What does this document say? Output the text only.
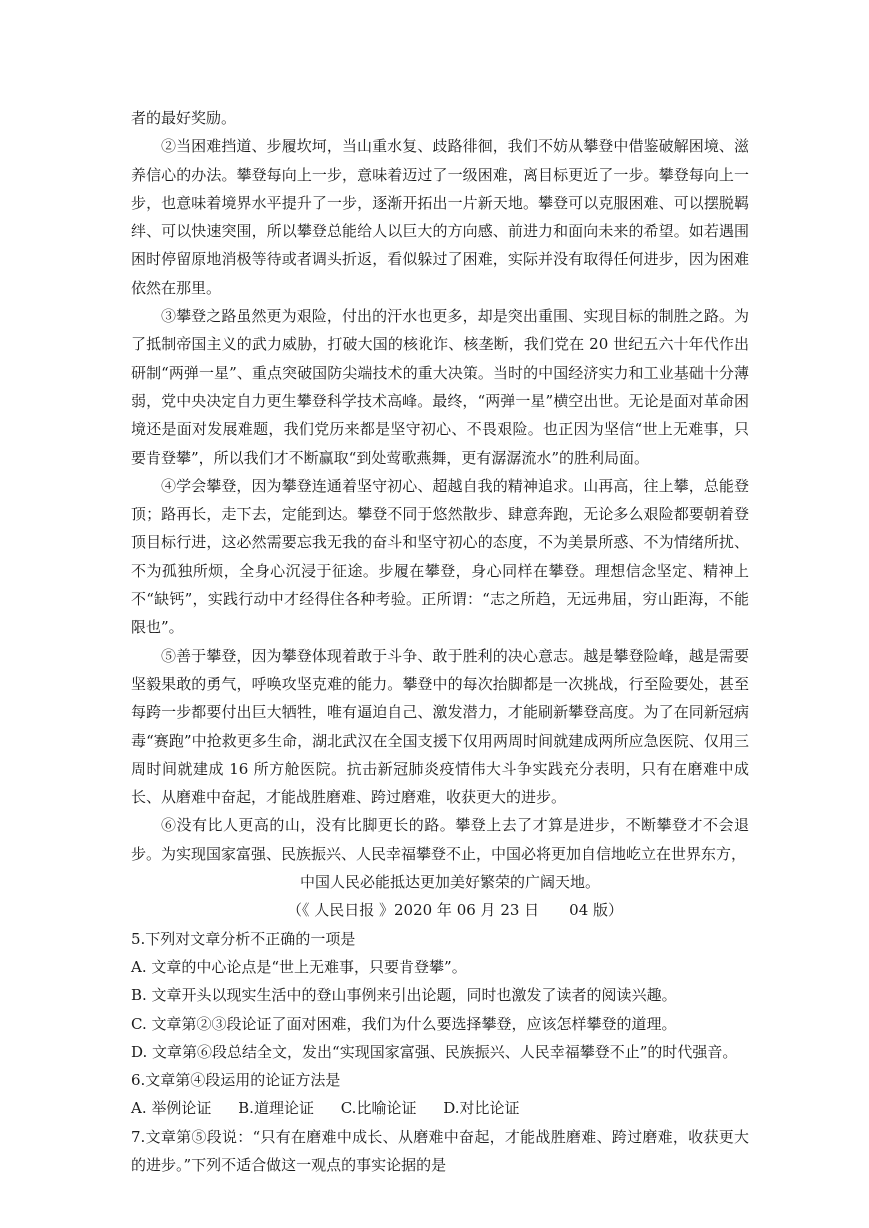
者的最好奖励。

②当困难挡道、步履坎坷，当山重水复、歧路徘徊，我们不妨从攀登中借鉴破解困境、滋养信心的办法。攀登每向上一步，意味着迈过了一级困难，离目标更近了一步。攀登每向上一步，也意味着境界水平提升了一步，逐渐开拓出一片新天地。攀登可以克服困难、可以摆脱羁绊、可以快速突围，所以攀登总能给人以巨大的方向感、前进力和面向未来的希望。如若遇围困时停留原地消极等待或者调头折返，看似躲过了困难，实际并没有取得任何进步，因为困难依然在那里。

③攀登之路虽然更为艰险，付出的汗水也更多，却是突出重围、实现目标的制胜之路。为了抵制帝国主义的武力威胁，打破大国的核讹诈、核垄断，我们党在 20 世纪五六十年代作出研制“两弹一星”、重点突破国防尖端技术的重大决策。当时的中国经济实力和工业基础十分薄弱，党中央决定自力更生攀登科学技术高峰。最终，“两弹一星”横空出世。无论是面对革命困境还是面对发展难题，我们党历来都是坚守初心、不畏艰险。也正因为坚信“世上无难事，只要肯登攀”，所以我们才不断赢取“到处莺歌燕舞，更有潺潺流水”的胜利局面。

④学会攀登，因为攀登连通着坚守初心、超越自我的精神追求。山再高，往上攀，总能登顶；路再长，走下去，定能到达。攀登不同于悠然散步、肆意奔跑，无论多么艰险都要朝着登顶目标行进，这必然需要忘我无我的奋斗和坚守初心的态度，不为美景所惑、不为情绪所扰、不为孤独所烦，全身心沉浸于征途。步履在攀登，身心同样在攀登。理想信念坚定、精神上不“缺钙”，实践行动中才经得住各种考验。正所谓：“志之所趋，无远弗届，穷山距海，不能限也”。

⑤善于攀登，因为攀登体现着敢于斗争、敢于胜利的决心意志。越是攀登险峰，越是需要坚毅果敢的勇气，呼唤攻坚克难的能力。攀登中的每次抬脚都是一次挑战，行至险要处，甚至每跨一步都要付出巨大牺牲，唯有逼迫自己、激发潜力，才能刷新攀登高度。为了在同新冠病毒“赛跑”中抢救更多生命，湖北武汉在全国支援下仅用两周时间就建成两所应急医院、仅用三周时间就建成 16 所方舱医院。抗击新冠肺炎疫情伟大斗争实践充分表明，只有在磨难中成长、从磨难中奋起，才能战胜磨难、跨过磨难，收获更大的进步。

⑥没有比人更高的山，没有比脚更长的路。攀登上去了才算是进步，不断攀登才不会退步。为实现国家富强、民族振兴、人民幸福攀登不止，中国必将更加自信地屹立在世界东方，

中国人民必能抵达更加美好繁荣的广阔天地。

（《 人民日报 》2020 年 06 月 23 日　　04 版）

5.下列对文章分析不正确的一项是

A. 文章的中心论点是“世上无难事，只要肯登攀”。

B. 文章开头以现实生活中的登山事例来引出论题，同时也激发了读者的阅读兴趣。

C. 文章第②③段论证了面对困难，我们为什么要选择攀登，应该怎样攀登的道理。

D. 文章第⑥段总结全文，发出“实现国家富强、民族振兴、人民幸福攀登不止”的时代强音。

6.文章第④段运用的论证方法是

A. 举例论证 B.道理论证 C.比喻论证 D.对比论证

7.文章第⑤段说：“只有在磨难中成长、从磨难中奋起，才能战胜磨难、跨过磨难，收获更大的进步。”下列不适合做这一观点的事实论据的是
